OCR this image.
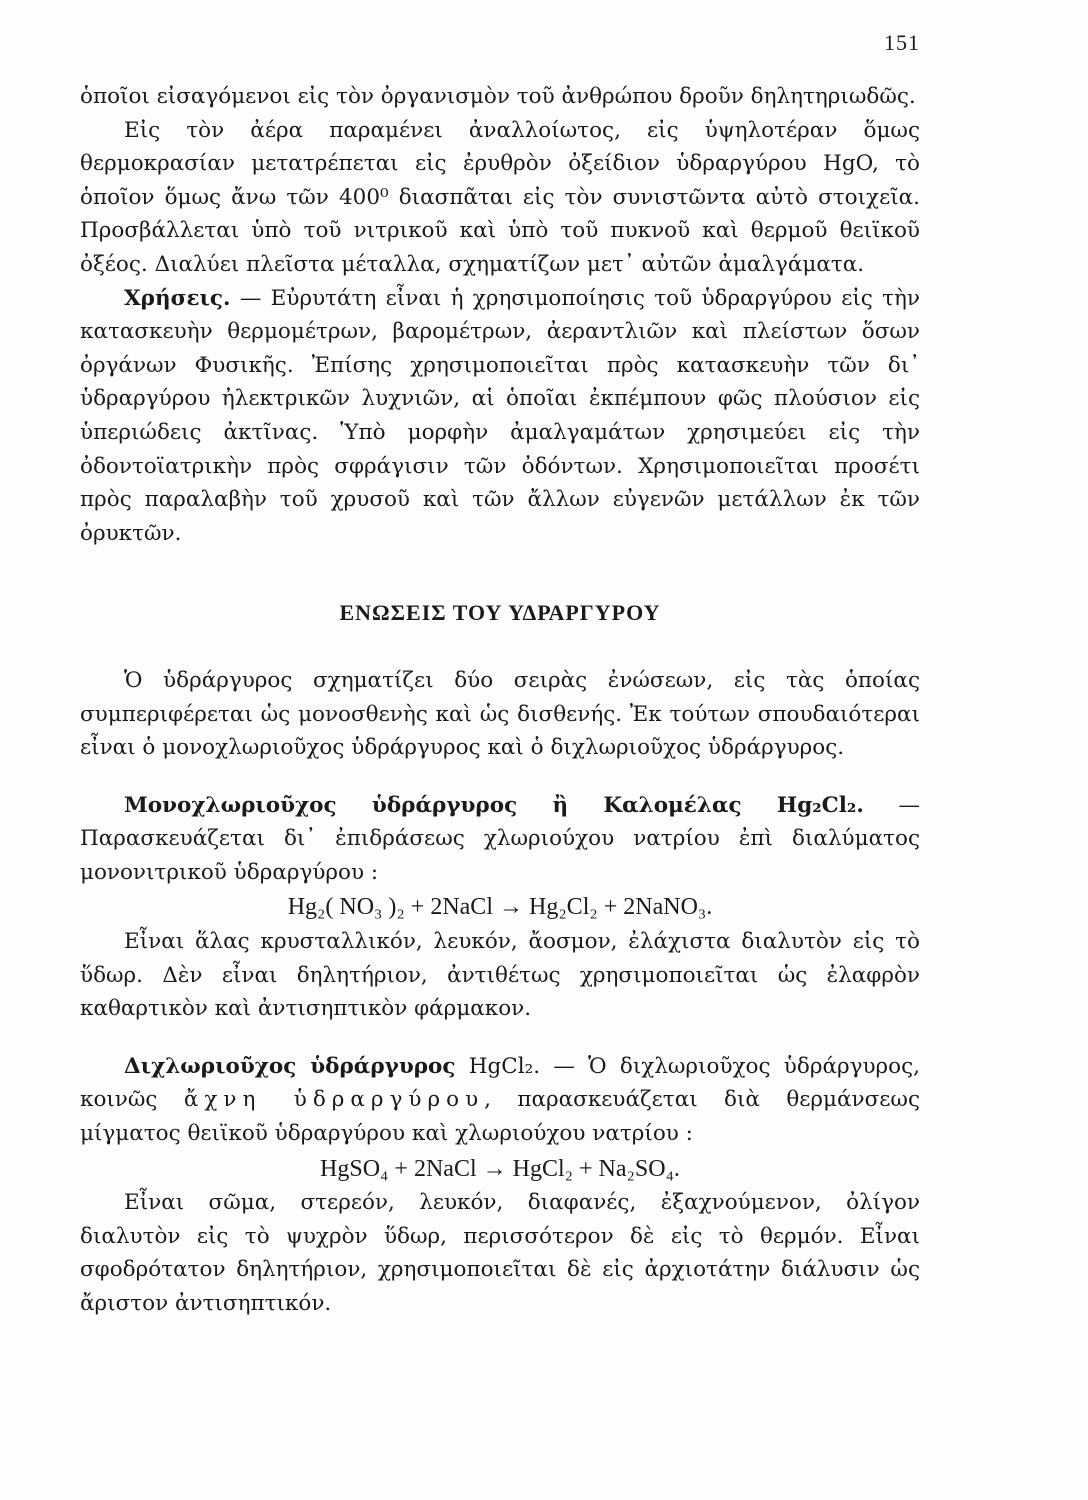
151

ὁποῖοι εἰσαγόμενοι εἰς τὸν ὀργανισμὸν τοῦ ἀνθρώπου δροῦν δηλητηριωδῶς.

Εἰς τὸν ἀέρα παραμένει ἀναλλοίωτος, εἰς ὑψηλοτέραν ὅμως θερμοκρασίαν μετατρέπεται εἰς ἐρυθρὸν ὀξείδιον ὑδραργύρου HgO, τὸ ὁποῖον ὅμως ἄνω τῶν 400⁰ διασπᾶται εἰς τὸν συνιστῶντα αὐτὸ στοιχεῖα. Προσβάλλεται ὑπὸ τοῦ νιτρικοῦ καὶ ὑπὸ τοῦ πυκνοῦ καὶ θερμοῦ θειϊκοῦ ὀξέος. Διαλύει πλεῖστα μέταλλα, σχηματίζων μετ᾽ αὐτῶν ἀμαλγάματα.

Χρήσεις. — Εὐρυτάτη εἶναι ἡ χρησιμοποίησις τοῦ ὑδραργύρου εἰς τὴν κατασκευὴν θερμομέτρων, βαρομέτρων, ἀεραντλιῶν καὶ πλείστων ὅσων ὀργάνων Φυσικῆς. Ἐπίσης χρησιμοποιεῖται πρὸς κατασκευὴν τῶν δι᾽ ὑδραργύρου ἠλεκτρικῶν λυχνιῶν, αἱ ὁποῖαι ἐκπέμπουν φῶς πλούσιον εἰς ὑπεριώδεις ἀκτῖνας. Ὑπὸ μορφὴν ἀμαλγαμάτων χρησιμεύει εἰς τὴν ὀδοντοϊατρικὴν πρὸς σφράγισιν τῶν ὀδόντων. Χρησιμοποιεῖται προσέτι πρὸς παραλαβὴν τοῦ χρυσοῦ καὶ τῶν ἄλλων εὐγενῶν μετάλλων ἐκ τῶν ὀρυκτῶν.

ΕΝΩΣΕΙΣ ΤΟΥ ΥΔΡΑΡΓΥΡΟΥ

Ὁ ὑδράργυρος σχηματίζει δύο σειρὰς ἐνώσεων, εἰς τὰς ὁποίας συμπεριφέρεται ὡς μονοσθενὴς καὶ ὡς δισθενής. Ἐκ τούτων σπουδαιότεραι εἶναι ὁ μονοχλωριοῦχος ὑδράργυρος καὶ ὁ διχλωριοῦχος ὑδράργυρος.

Μονοχλωριοῦχος ὑδράργυρος ἢ Καλομέλας Hg₂Cl₂. — Παρασκευάζεται δι᾽ ἐπιδράσεως χλωριούχου νατρίου ἐπὶ διαλύματος μονονιτρικοῦ ὑδραργύρου :

Hg₂( NO₃ )₂ + 2NaCl → Hg₂Cl₂ + 2NaNO₃.

Εἶναι ἅλας κρυσταλλικόν, λευκόν, ἄοσμον, ἐλάχιστα διαλυτὸν εἰς τὸ ὕδωρ. Δὲν εἶναι δηλητήριον, ἀντιθέτως χρησιμοποιεῖται ὡς ἐλαφρὸν καθαρτικὸν καὶ ἀντισηπτικὸν φάρμακον.

Διχλωριοῦχος ὑδράργυρος HgCl₂. — Ὁ διχλωριοῦχος ὑδράργυρος, κοινῶς ἄχνη ὑδραργύρου, παρασκευάζεται διὰ θερμάνσεως μίγματος θειϊκοῦ ὑδραργύρου καὶ χλωριούχου νατρίου :

HgSO₄ + 2NaCl → HgCl₂ + Na₂SO₄.

Εἶναι σῶμα, στερεόν, λευκόν, διαφανές, ἐξαχνούμενον, ὀλίγον διαλυτὸν εἰς τὸ ψυχρὸν ὕδωρ, περισσότερον δὲ εἰς τὸ θερμόν. Εἶναι σφοδρότατον δηλητήριον, χρησιμοποιεῖται δὲ εἰς ἀρχιοτάτην διάλυσιν ὡς ἄριστον ἀντισηπτικόν.
